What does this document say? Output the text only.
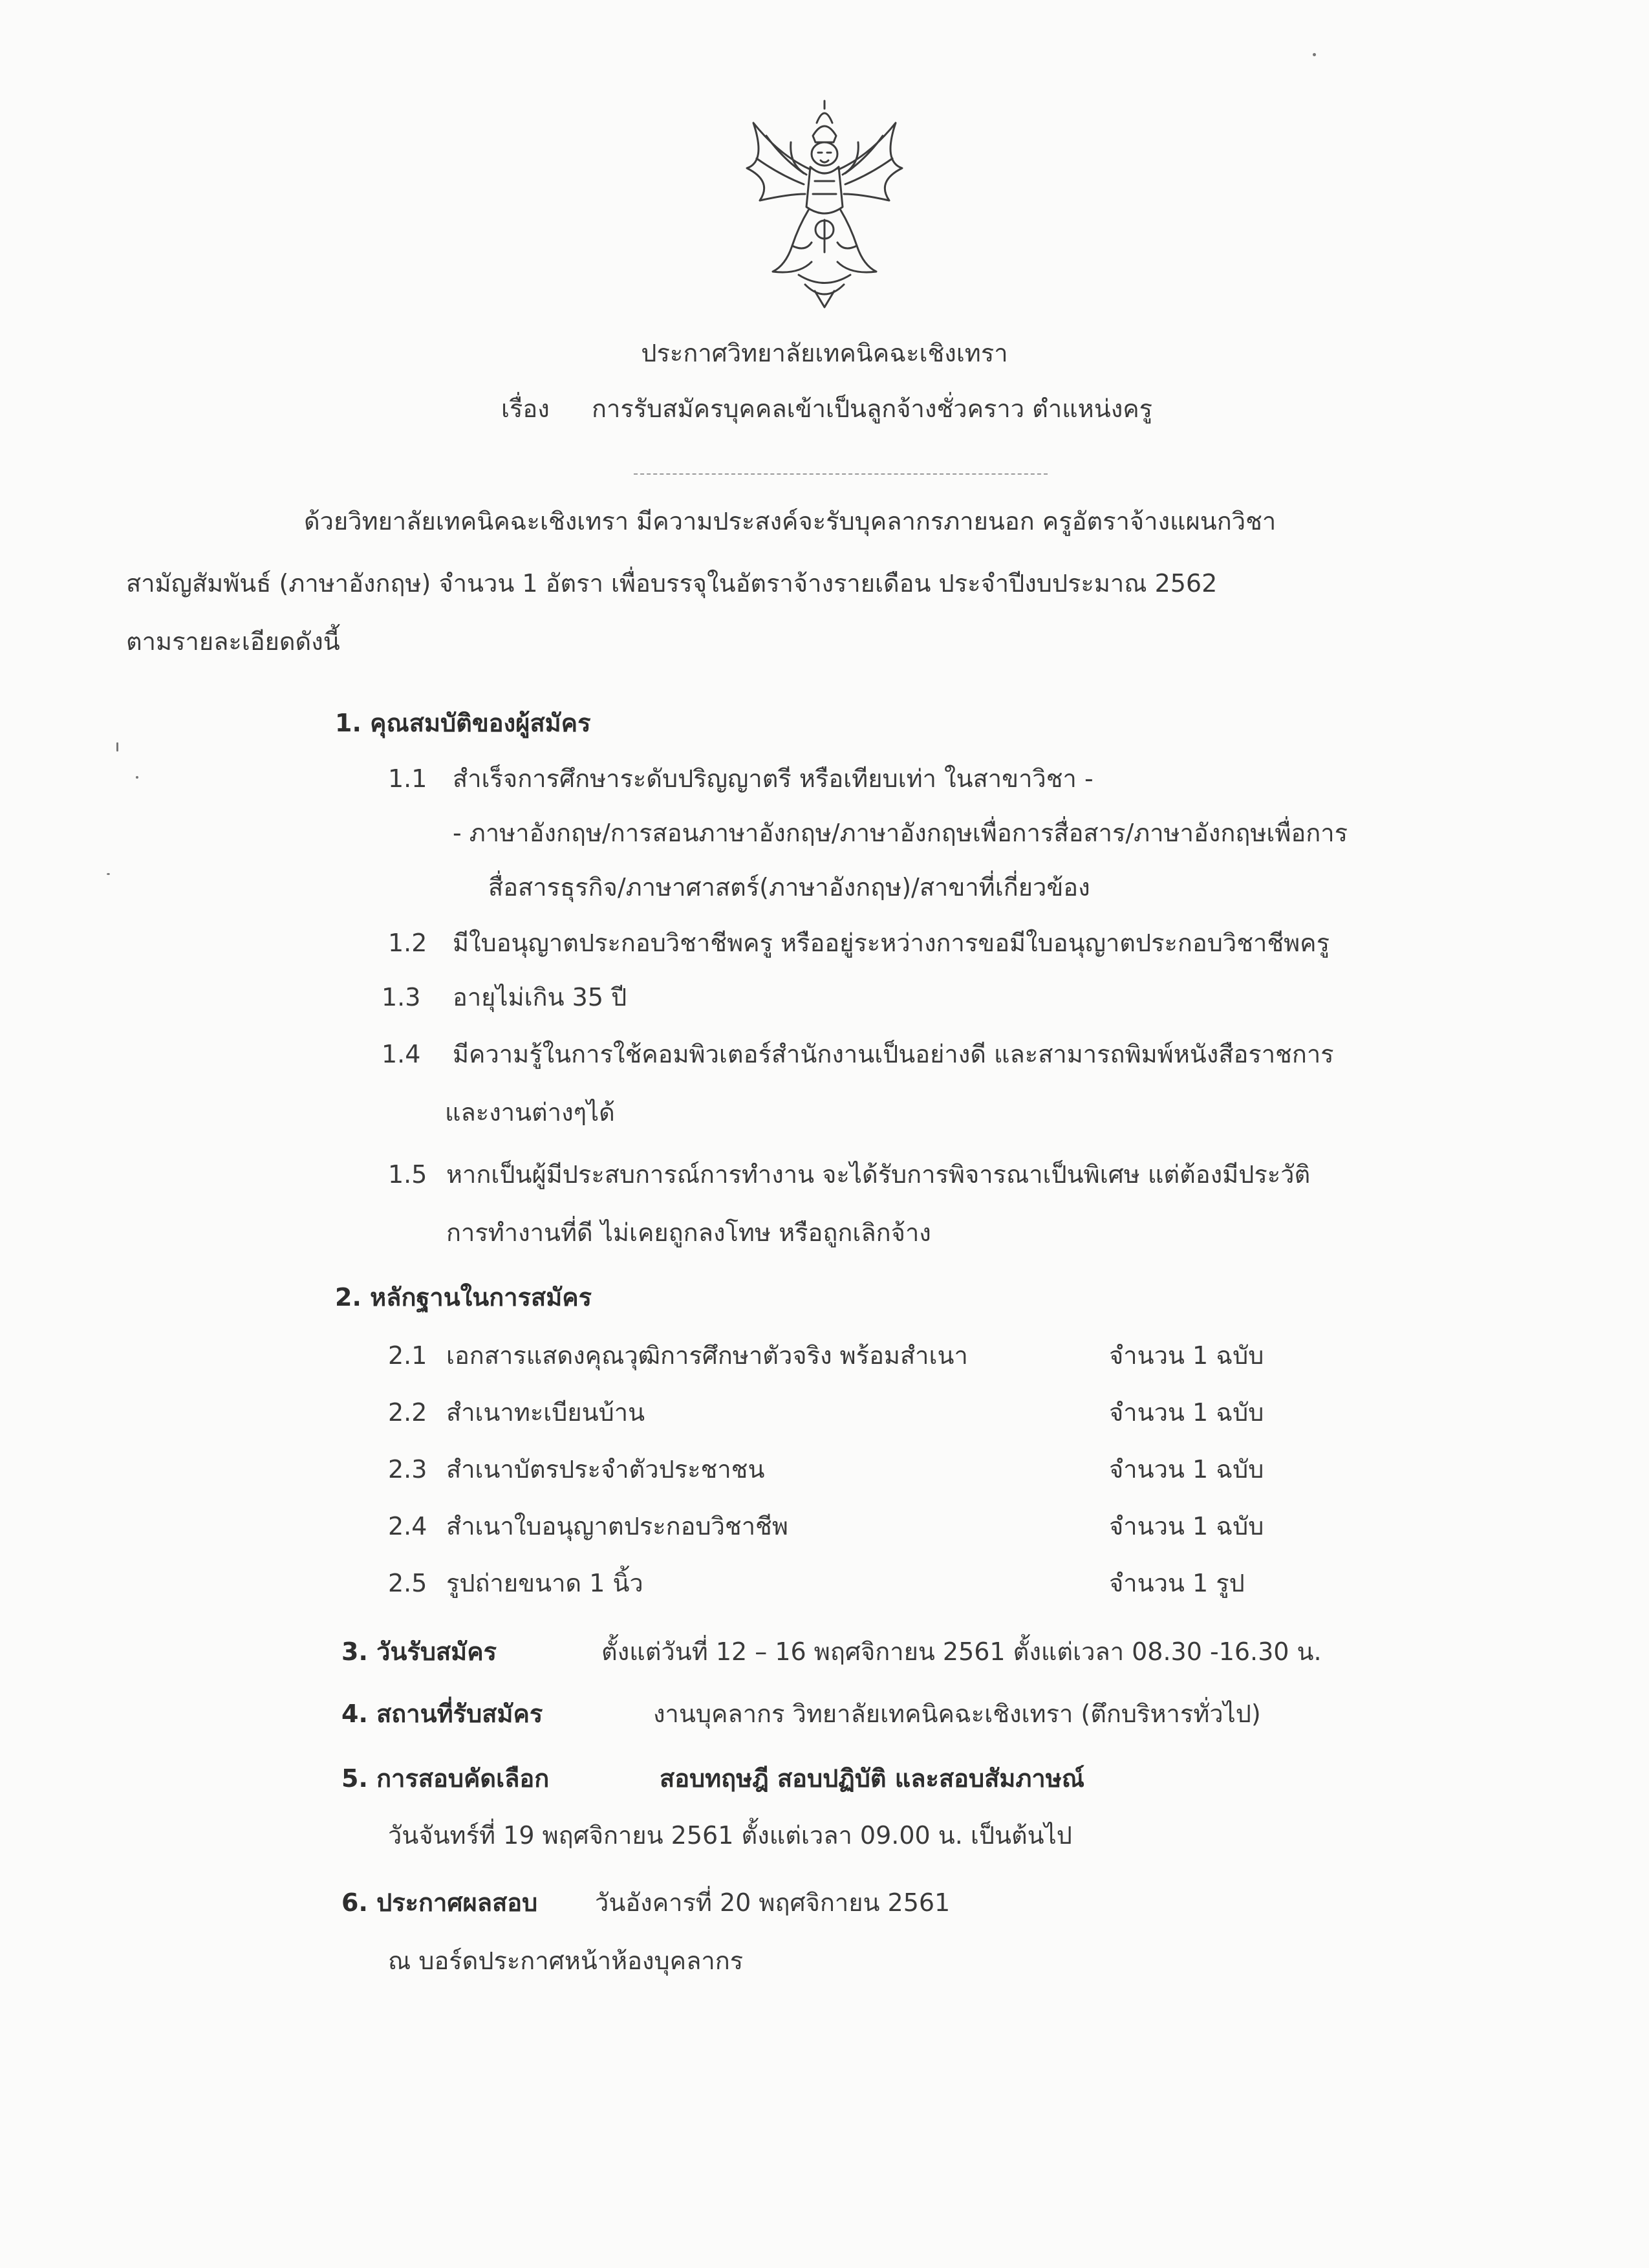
ประกาศวิทยาลัยเทคนิคฉะเชิงเทรา
เรื่อง การรับสมัครบุคคลเข้าเป็นลูกจ้างชั่วคราว ตำแหน่งครู
ด้วยวิทยาลัยเทคนิคฉะเชิงเทรา มีความประสงค์จะรับบุคลากรภายนอก ครูอัตราจ้างแผนกวิชา
สามัญสัมพันธ์ (ภาษาอังกฤษ) จำนวน 1 อัตรา เพื่อบรรจุในอัตราจ้างรายเดือน ประจำปีงบประมาณ 2562
ตามรายละเอียดดังนี้
1. คุณสมบัติของผู้สมัคร
1.1 สำเร็จการศึกษาระดับปริญญาตรี หรือเทียบเท่า ในสาขาวิชา -
- ภาษาอังกฤษ/การสอนภาษาอังกฤษ/ภาษาอังกฤษเพื่อการสื่อสาร/ภาษาอังกฤษเพื่อการ
สื่อสารธุรกิจ/ภาษาศาสตร์(ภาษาอังกฤษ)/สาขาที่เกี่ยวข้อง
1.2 มีใบอนุญาตประกอบวิชาชีพครู หรืออยู่ระหว่างการขอมีใบอนุญาตประกอบวิชาชีพครู
1.3 อายุไม่เกิน 35 ปี
1.4 มีความรู้ในการใช้คอมพิวเตอร์สำนักงานเป็นอย่างดี และสามารถพิมพ์หนังสือราชการ
และงานต่างๆได้
1.5 หากเป็นผู้มีประสบการณ์การทำงาน จะได้รับการพิจารณาเป็นพิเศษ แต่ต้องมีประวัติ
การทำงานที่ดี ไม่เคยถูกลงโทษ หรือถูกเลิกจ้าง
2. หลักฐานในการสมัคร
2.1 เอกสารแสดงคุณวุฒิการศึกษาตัวจริง พร้อมสำเนา	จำนวน 1 ฉบับ
2.2 สำเนาทะเบียนบ้าน	จำนวน 1 ฉบับ
2.3 สำเนาบัตรประจำตัวประชาชน	จำนวน 1 ฉบับ
2.4 สำเนาใบอนุญาตประกอบวิชาชีพ	จำนวน 1 ฉบับ
2.5 รูปถ่ายขนาด 1 นิ้ว	จำนวน 1 รูป
3. วันรับสมัคร	ตั้งแต่วันที่ 12 – 16 พฤศจิกายน 2561 ตั้งแต่เวลา 08.30 -16.30 น.
4. สถานที่รับสมัคร	งานบุคลากร วิทยาลัยเทคนิคฉะเชิงเทรา (ตึกบริหารทั่วไป)
5. การสอบคัดเลือก	สอบทฤษฎี สอบปฏิบัติ และสอบสัมภาษณ์
วันจันทร์ที่ 19 พฤศจิกายน 2561 ตั้งแต่เวลา 09.00 น. เป็นต้นไป
6. ประกาศผลสอบ วันอังคารที่ 20 พฤศจิกายน 2561
ณ บอร์ดประกาศหน้าห้องบุคลากร
